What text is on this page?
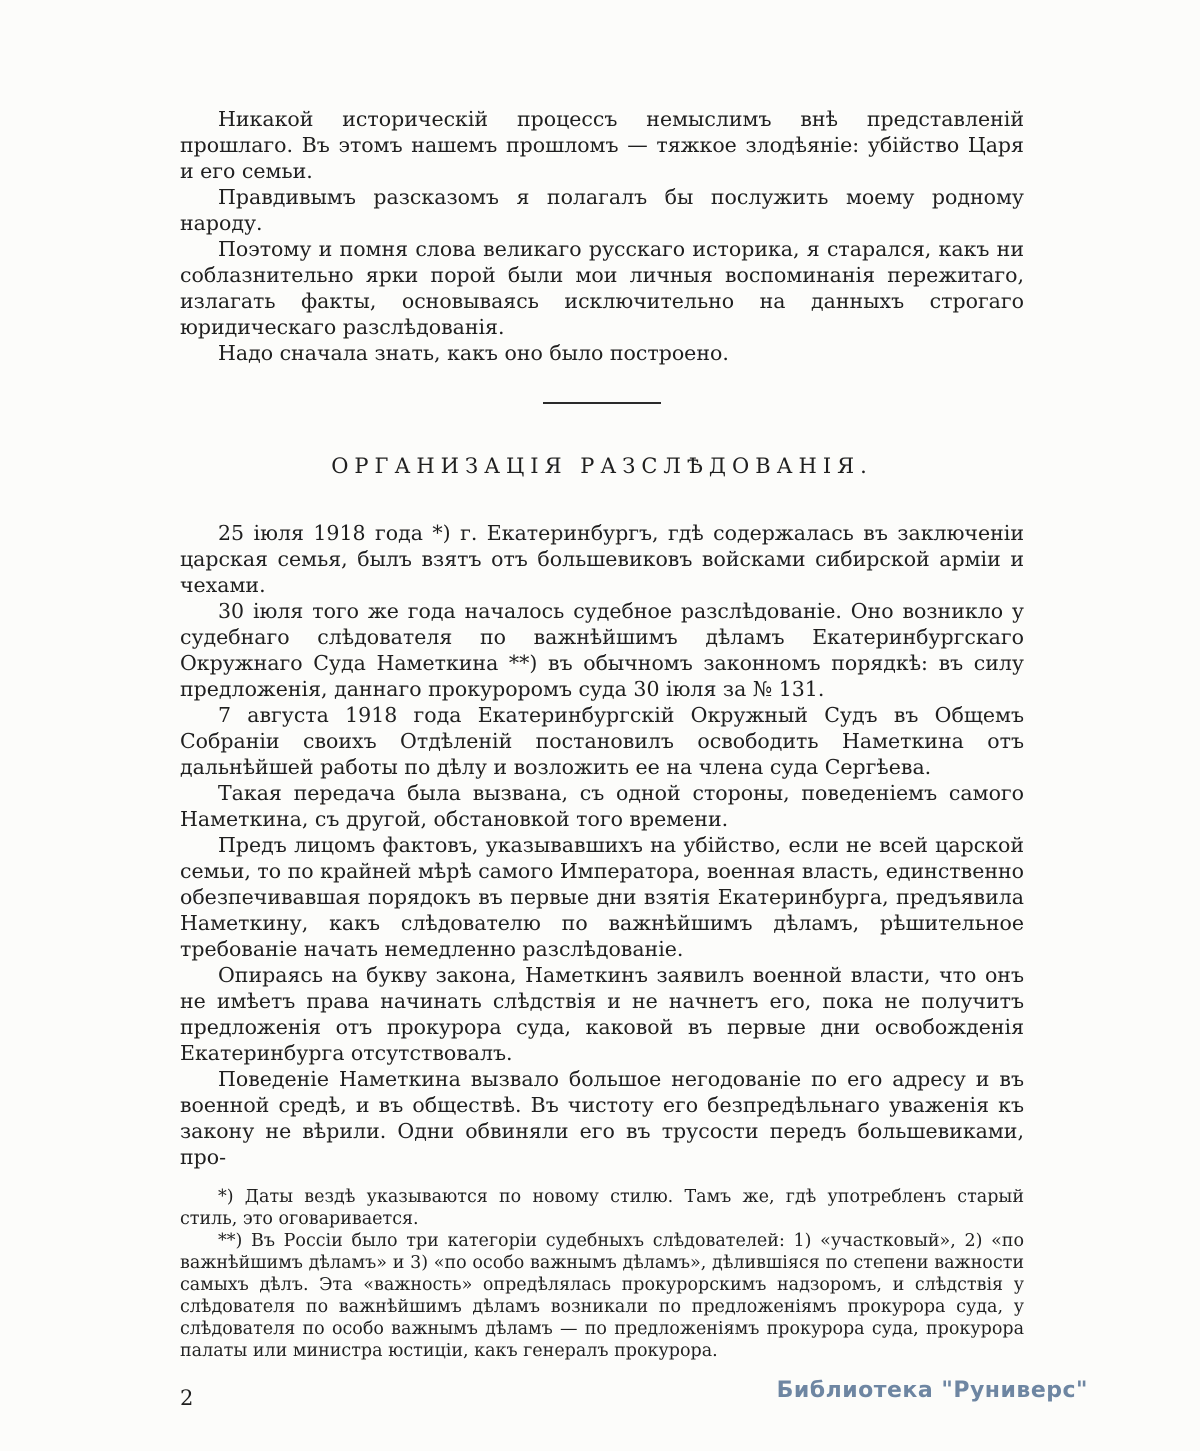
Никакой историческій процессъ немыслимъ внѣ представленій прошлаго. Въ этомъ нашемъ прошломъ — тяжкое злодѣяніе: убійство Царя и его семьи.

Правдивымъ разсказомъ я полагалъ бы послужить моему родному народу.

Поэтому и помня слова великаго русскаго историка, я старался, какъ ни соблазнительно ярки порой были мои личныя воспоминанія пережитаго, излагать факты, основываясь исключительно на данныхъ строгаго юридическаго разслѣдованія.

Надо сначала знать, какъ оно было построено.

ОРГАНИЗАЦІЯ РАЗСЛѢДОВАНІЯ.

25 іюля 1918 года *) г. Екатеринбургъ, гдѣ содержалась въ заключеніи царская семья, былъ взятъ отъ большевиковъ войсками сибирской арміи и чехами.

30 іюля того же года началось судебное разслѣдованіе. Оно возникло у судебнаго слѣдователя по важнѣйшимъ дѣламъ Екатеринбургскаго Окружнаго Суда Наметкина **) въ обычномъ законномъ порядкѣ: въ силу предложенія, даннаго прокуроромъ суда 30 іюля за № 131.

7 августа 1918 года Екатеринбургскій Окружный Судъ въ Общемъ Собраніи своихъ Отдѣленій постановилъ освободить Наметкина отъ дальнѣйшей работы по дѣлу и возложить ее на члена суда Сергѣева.

Такая передача была вызвана, съ одной стороны, поведеніемъ самого Наметкина, съ другой, обстановкой того времени.

Предъ лицомъ фактовъ, указывавшихъ на убійство, если не всей царской семьи, то по крайней мѣрѣ самого Императора, военная власть, единственно обезпечивавшая порядокъ въ первые дни взятія Екатеринбурга, предъявила Наметкину, какъ слѣдователю по важнѣйшимъ дѣламъ, рѣшительное требованіе начать немедленно разслѣдованіе.

Опираясь на букву закона, Наметкинъ заявилъ военной власти, что онъ не имѣетъ права начинать слѣдствія и не начнетъ его, пока не получитъ предложенія отъ прокурора суда, каковой въ первые дни освобожденія Екатеринбурга отсутствовалъ.

Поведеніе Наметкина вызвало большое негодованіе по его адресу и въ военной средѣ, и въ обществѣ. Въ чистоту его безпредѣльнаго уваженія къ закону не вѣрили. Одни обвиняли его въ трусости передъ большевиками, про-

*) Даты вездѣ указываются по новому стилю. Тамъ же, гдѣ употребленъ старый стиль, это оговаривается.

**) Въ Россіи было три категоріи судебныхъ слѣдователей: 1) «участковый», 2) «по важнѣйшимъ дѣламъ» и 3) «по особо важнымъ дѣламъ», дѣлившіяся по степени важности самыхъ дѣлъ. Эта «важность» опредѣлялась прокурорскимъ надзоромъ, и слѣдствія у слѣдователя по важнѣйшимъ дѣламъ возникали по предложеніямъ прокурора суда, у слѣдователя по особо важнымъ дѣламъ — по предложеніямъ прокурора суда, прокурора палаты или министра юстиціи, какъ генералъ прокурора.

2	Библиотека "Руниверс"
